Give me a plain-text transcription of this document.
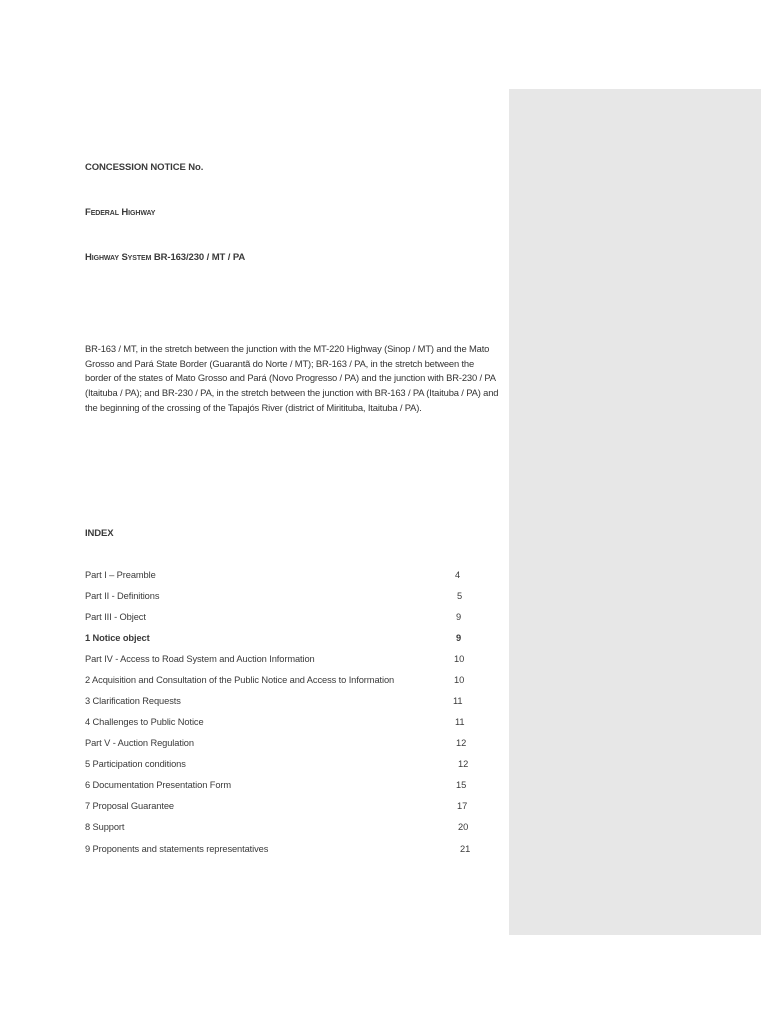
CONCESSION NOTICE No.
Federal Highway
Highway System BR-163/230 / MT / PA
BR-163 / MT, in the stretch between the junction with the MT-220 Highway (Sinop / MT) and the Mato Grosso and Pará State Border (Guarantã do Norte / MT); BR-163 / PA, in the stretch between the border of the states of Mato Grosso and Pará (Novo Progresso / PA) and the junction with BR-230 / PA (Itaituba / PA); and BR-230 / PA, in the stretch between the junction with BR-163 / PA (Itaituba / PA) and the beginning of the crossing of the Tapajós River (district of Miritituba, Itaituba / PA).
INDEX
Part I – Preamble	4
Part II - Definitions	5
Part III - Object	9
1 Notice object	9
Part IV - Access to Road System and Auction Information	10
2 Acquisition and Consultation of the Public Notice and Access to Information	10
3 Clarification Requests	11
4 Challenges to Public Notice	11
Part V - Auction Regulation	12
5 Participation conditions	12
6 Documentation Presentation Form	15
7 Proposal Guarantee	17
8 Support	20
9 Proponents and statements representatives	21
